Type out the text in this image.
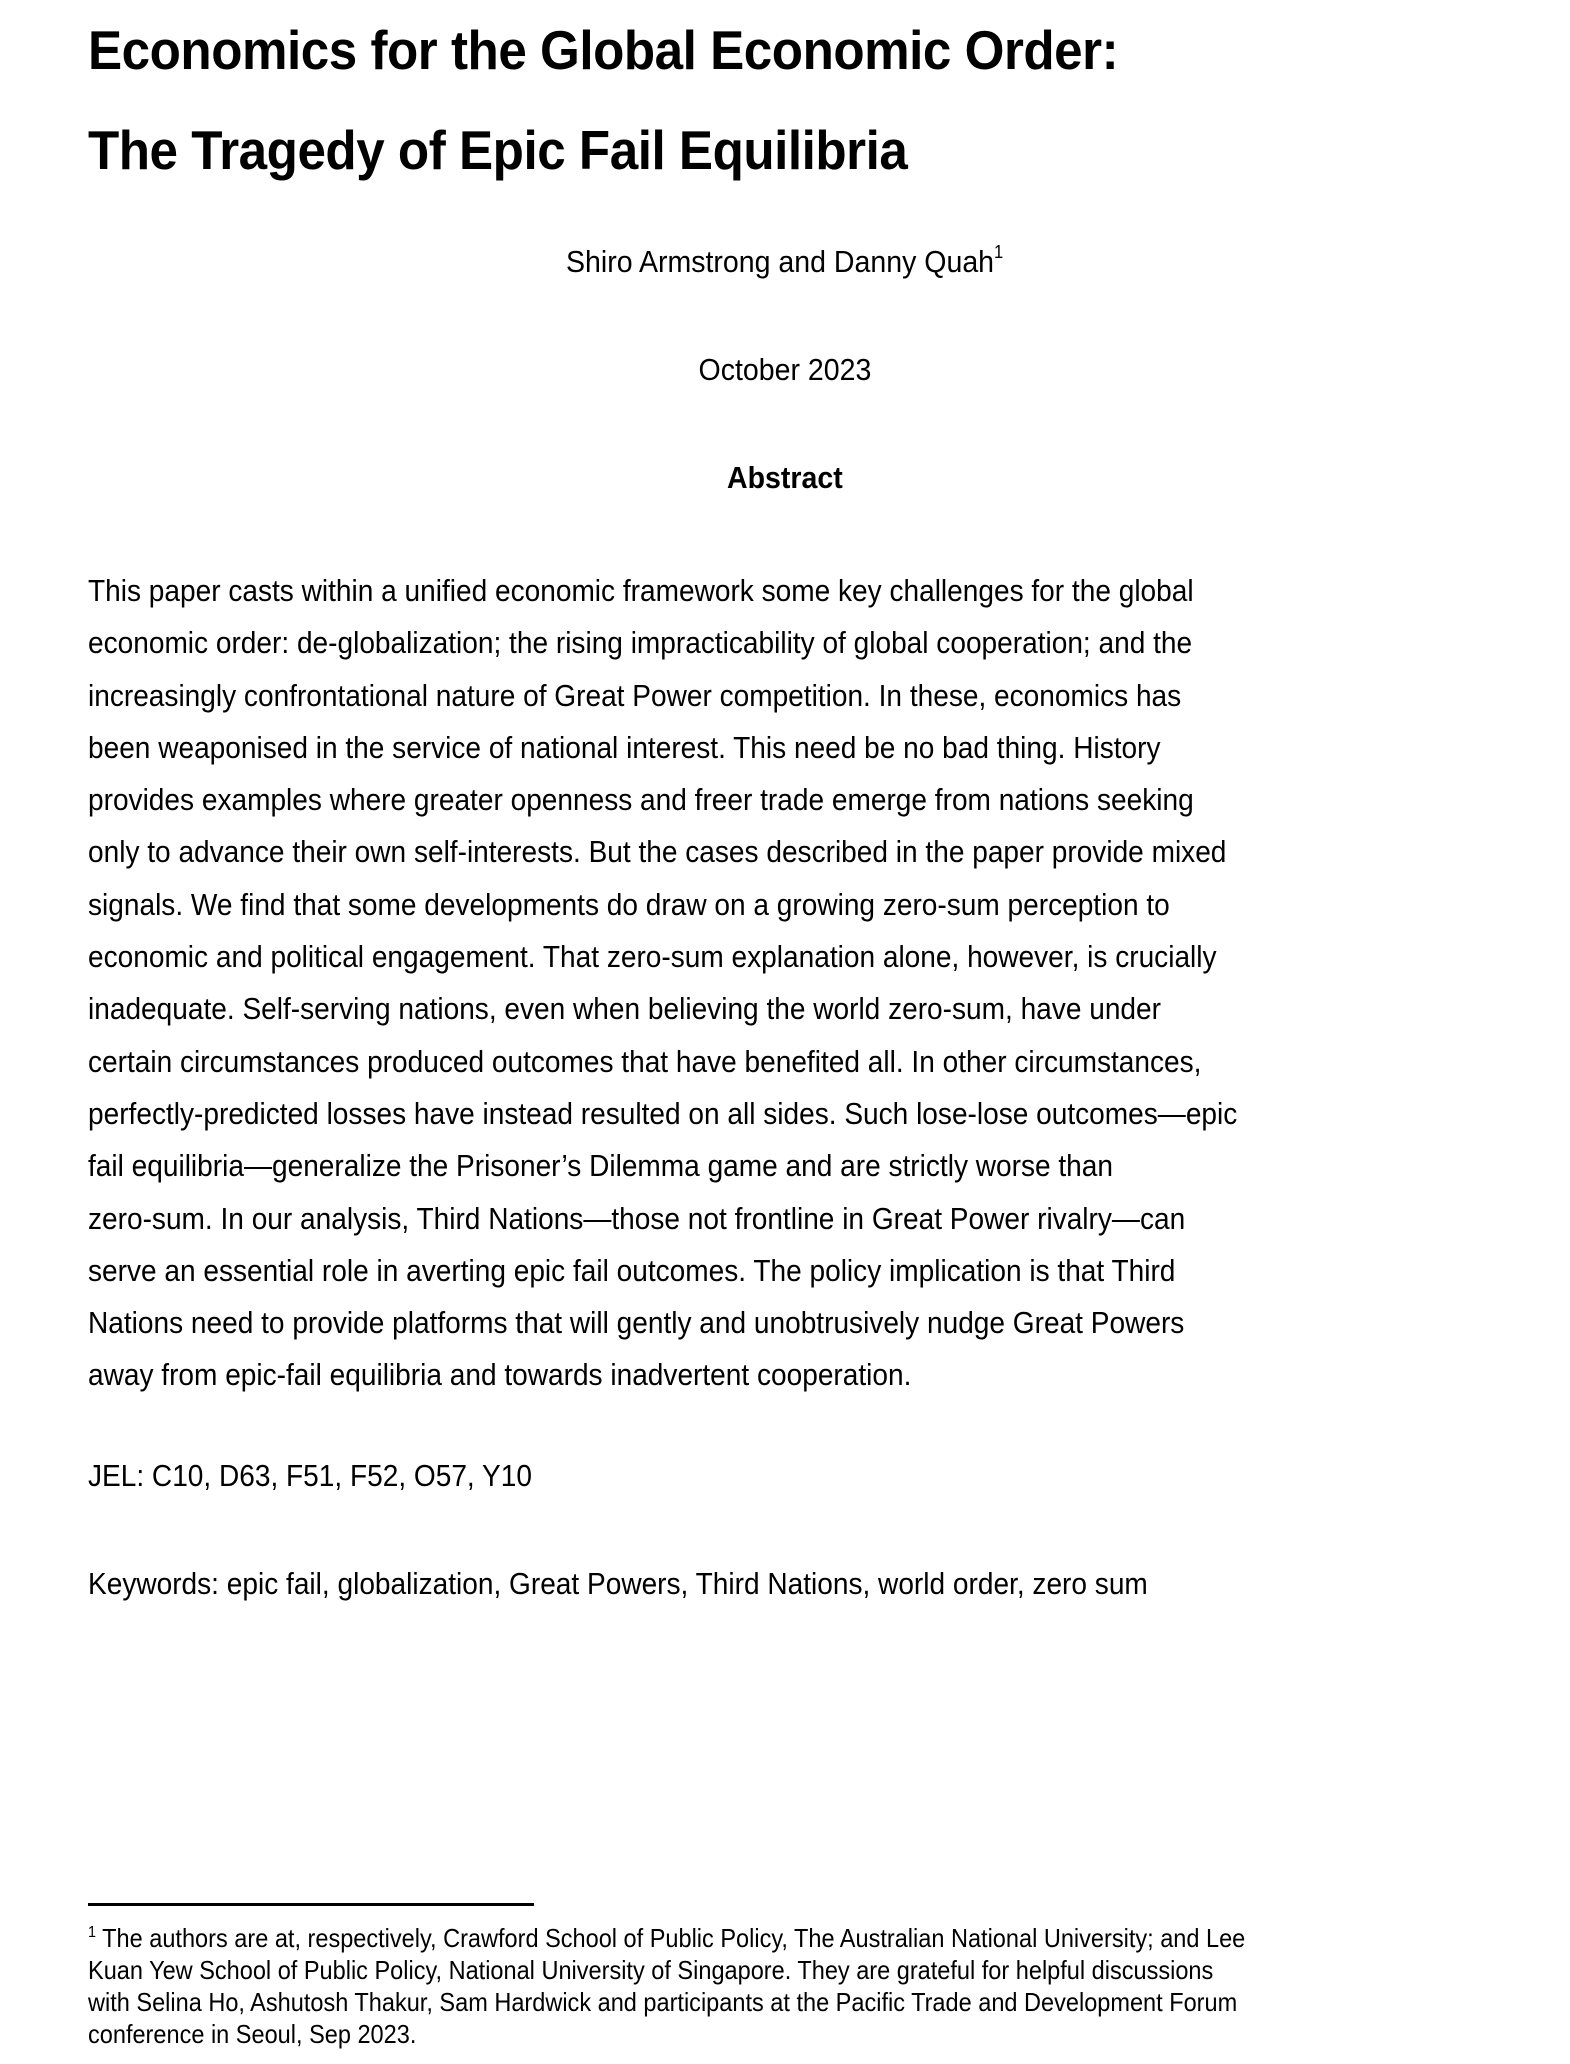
Economics for the Global Economic Order:
The Tragedy of Epic Fail Equilibria
Shiro Armstrong and Danny Quah$^1$
October 2023
Abstract
This paper casts within a unified economic framework some key challenges for the global
economic order: de-globalization; the rising impracticability of global cooperation; and the
increasingly confrontational nature of Great Power competition. In these, economics has
been weaponised in the service of national interest. This need be no bad thing. History
provides examples where greater openness and freer trade emerge from nations seeking
only to advance their own self-interests. But the cases described in the paper provide mixed
signals. We find that some developments do draw on a growing zero-sum perception to
economic and political engagement. That zero-sum explanation alone, however, is crucially
inadequate. Self-serving nations, even when believing the world zero-sum, have under
certain circumstances produced outcomes that have benefited all. In other circumstances,
perfectly-predicted losses have instead resulted on all sides. Such lose-lose outcomes—epic
fail equilibria—generalize the Prisoner’s Dilemma game and are strictly worse than
zero-sum. In our analysis, Third Nations—those not frontline in Great Power rivalry—can
serve an essential role in averting epic fail outcomes. The policy implication is that Third
Nations need to provide platforms that will gently and unobtrusively nudge Great Powers
away from epic-fail equilibria and towards inadvertent cooperation.
JEL: C10, D63, F51, F52, O57, Y10
Keywords: epic fail, globalization, Great Powers, Third Nations, world order, zero sum
$^1$ The authors are at, respectively, Crawford School of Public Policy, The Australian National University; and Lee
Kuan Yew School of Public Policy, National University of Singapore. They are grateful for helpful discussions
with Selina Ho, Ashutosh Thakur, Sam Hardwick and participants at the Pacific Trade and Development Forum
conference in Seoul, Sep 2023.
